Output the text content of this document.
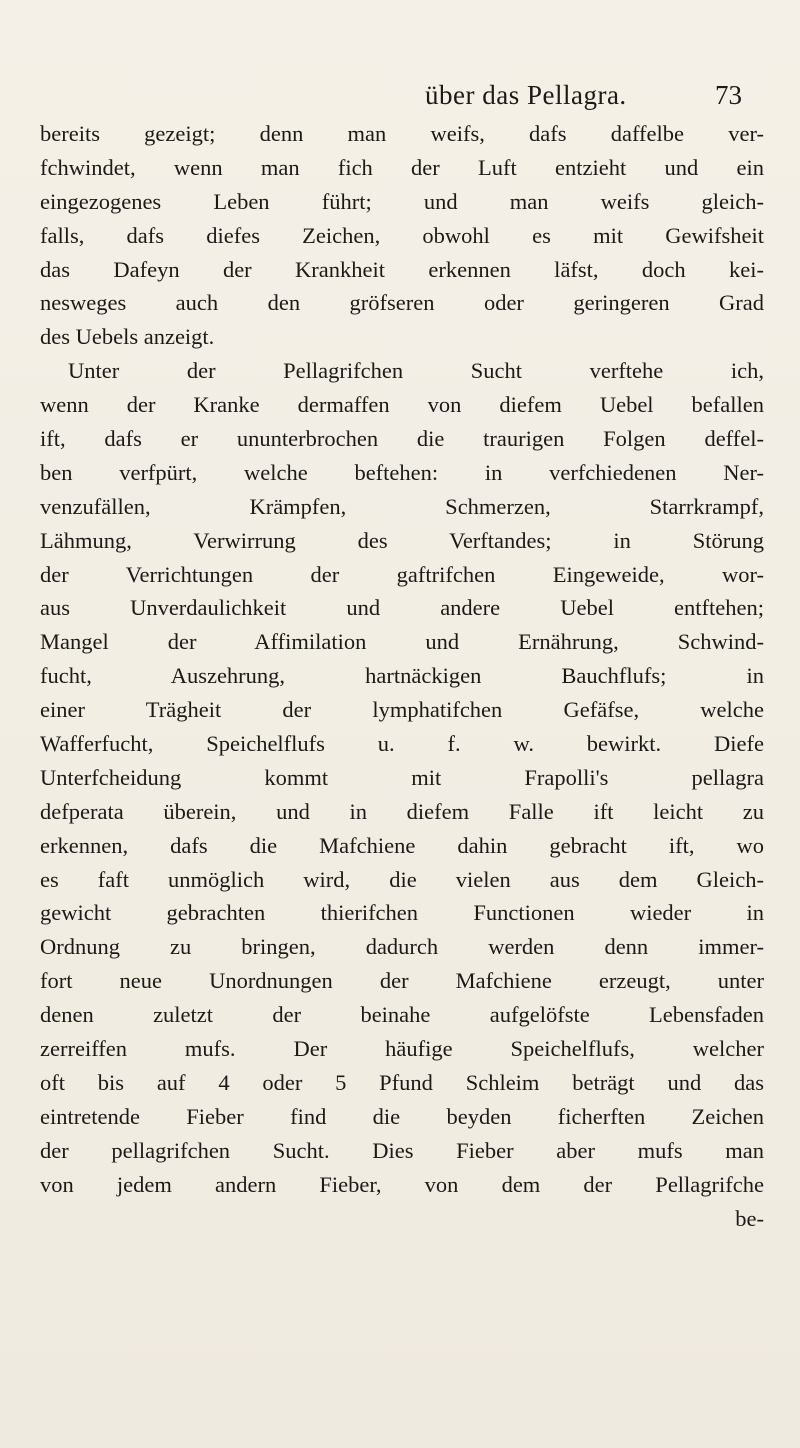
über das Pellagra.	73
bereits gezeigt; denn man weifs, dafs daffelbe ver-
fchwindet, wenn man fich der Luft entzieht und ein
eingezogenes Leben führt; und man weifs gleich-
falls, dafs diefes Zeichen, obwohl es mit Gewifsheit
das Dafeyn der Krankheit erkennen läfst, doch kei-
nesweges auch den gröfseren oder geringeren Grad
des Uebels anzeigt.
Unter der Pellagrifchen Sucht verftehe ich,
wenn der Kranke dermaffen von diefem Uebel befallen
ift, dafs er ununterbrochen die traurigen Folgen deffel-
ben verfpürt, welche beftehen: in verfchiedenen Ner-
venzufällen, Krämpfen, Schmerzen, Starrkrampf,
Lähmung, Verwirrung des Verftandes; in Störung
der Verrichtungen der gaftrifchen Eingeweide, wor-
aus Unverdaulichkeit und andere Uebel entftehen;
Mangel der Affimilation und Ernährung, Schwind-
fucht, Auszehrung, hartnäckigen Bauchflufs; in
einer Trägheit der lymphatifchen Gefäfse, welche
Wafferfucht, Speichelflufs u. f. w. bewirkt. Diefe
Unterfcheidung kommt mit Frapolli's pellagra
defperata überein, und in diefem Falle ift leicht zu
erkennen, dafs die Mafchiene dahin gebracht ift, wo
es faft unmöglich wird, die vielen aus dem Gleich-
gewicht gebrachten thierifchen Functionen wieder in
Ordnung zu bringen, dadurch werden denn immer-
fort neue Unordnungen der Mafchiene erzeugt, unter
denen zuletzt der beinahe aufgelöfste Lebensfaden
zerreiffen mufs. Der häufige Speichelflufs, welcher
oft bis auf 4 oder 5 Pfund Schleim beträgt und das
eintretende Fieber find die beyden ficherften Zeichen
der pellagrifchen Sucht. Dies Fieber aber mufs man
von jedem andern Fieber, von dem der Pellagrifche
be-
